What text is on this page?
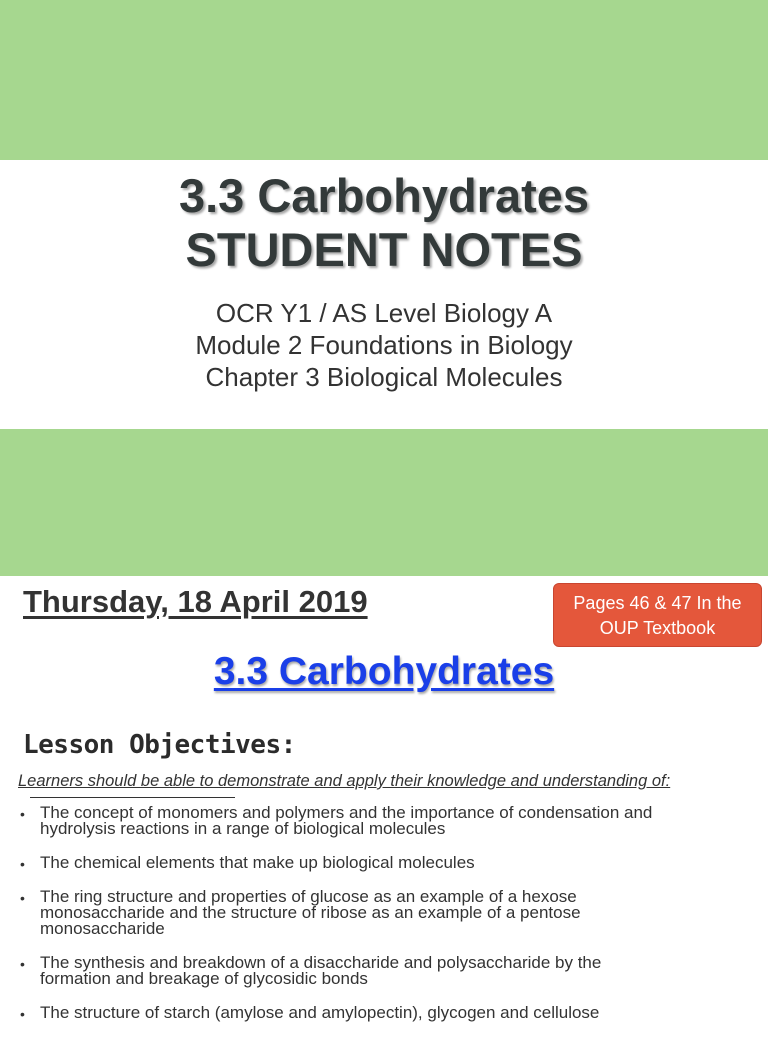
3.3 Carbohydrates
STUDENT NOTES
OCR Y1 / AS Level Biology A
Module 2 Foundations in Biology
Chapter 3 Biological Molecules
Thursday, 18 April 2019	Pages 46 & 47 In the
OUP Textbook
3.3 Carbohydrates
Lesson Objectives:
Learners should be able to demonstrate and apply their knowledge and understanding of:
• The concept of monomers and polymers and the importance of condensation and
hydrolysis reactions in a range of biological molecules
• The chemical elements that make up biological molecules
• The ring structure and properties of glucose as an example of a hexose
monosaccharide and the structure of ribose as an example of a pentose
monosaccharide
• The synthesis and breakdown of a disaccharide and polysaccharide by the
formation and breakage of glycosidic bonds
• The structure of starch (amylose and amylopectin), glycogen and cellulose
